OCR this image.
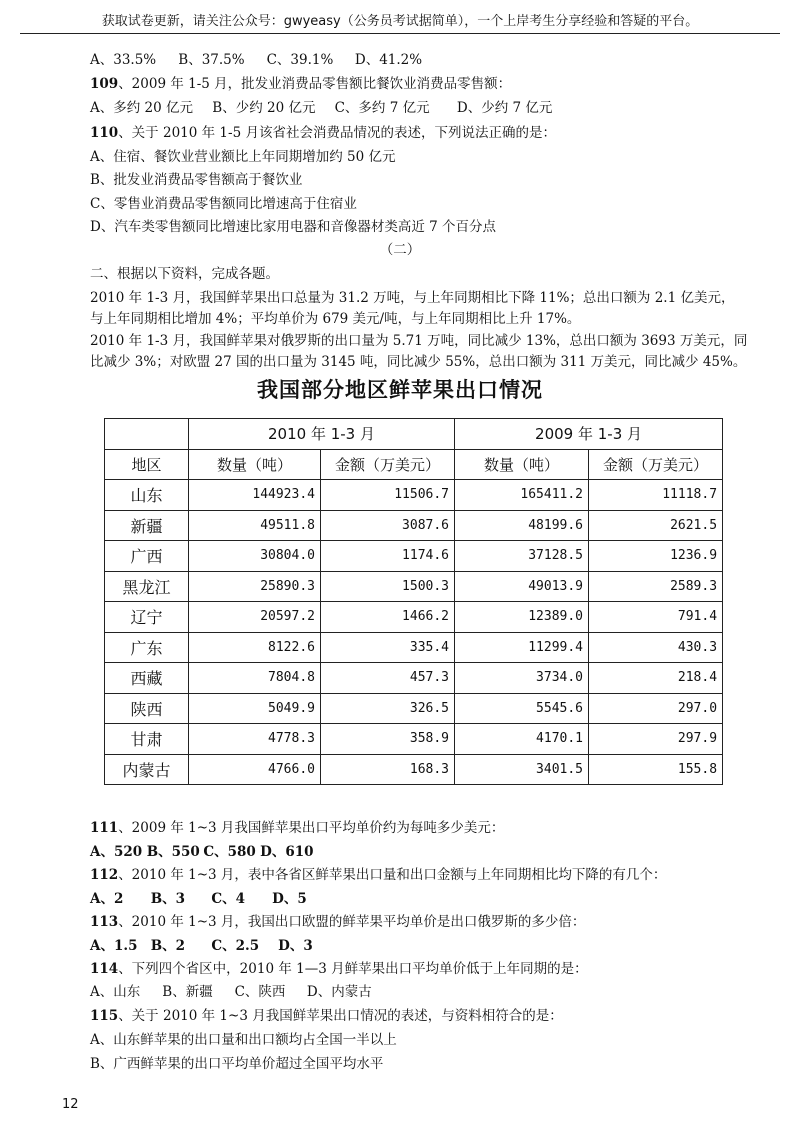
获取试卷更新，请关注公众号：gwyeasy（公务员考试据简单），一个上岸考生分享经验和答疑的平台。
A、33.5% B、37.5% C、39.1% D、41.2%
109、2009 年 1-5 月，批发业消费品零售额比餐饮业消费品零售额：
A、多约 20 亿元 B、少约 20 亿元 C、多约 7 亿元 D、少约 7 亿元
110、关于 2010 年 1-5 月该省社会消费品情况的表述，下列说法正确的是：
A、住宿、餐饮业营业额比上年同期增加约 50 亿元
B、批发业消费品零售额高于餐饮业
C、零售业消费品零售额同比增速高于住宿业
D、汽车类零售额同比增速比家用电器和音像器材类高近 7 个百分点
（二）
二、根据以下资料，完成各题。
2010 年 1-3 月，我国鲜苹果出口总量为 31.2 万吨，与上年同期相比下降 11%；总出口额为 2.1 亿美元，
与上年同期相比增加 4%；平均单价为 679 美元/吨，与上年同期相比上升 17%。
2010 年 1-3 月，我国鲜苹果对俄罗斯的出口量为 5.71 万吨，同比减少 13%，总出口额为 3693 万美元，同
比减少 3%；对欧盟 27 国的出口量为 3145 吨，同比减少 55%，总出口额为 311 万美元，同比减少 45%。
我国部分地区鲜苹果出口情况
	2010 年 1-3 月		2009 年 1-3 月	
地区	数量（吨）	金额（万美元）	数量（吨）	金额（万美元）
山东	144923.4	11506.7	165411.2	11118.7
新疆	49511.8	3087.6	48199.6	2621.5
广西	30804.0	1174.6	37128.5	1236.9
黑龙江	25890.3	1500.3	49013.9	2589.3
辽宁	20597.2	1466.2	12389.0	791.4
广东	8122.6	335.4	11299.4	430.3
西藏	7804.8	457.3	3734.0	218.4
陕西	5049.9	326.5	5545.6	297.0
甘肃	4778.3	358.9	4170.1	297.9
内蒙古	4766.0	168.3	3401.5	155.8
111、2009 年 1~3 月我国鲜苹果出口平均单价约为每吨多少美元：
A、520 B、550 C、580 D、610
112、2010 年 1~3 月，表中各省区鲜苹果出口量和出口金额与上年同期相比均下降的有几个：
A、2 B、3 C、4 D、5
113、2010 年 1~3 月，我国出口欧盟的鲜苹果平均单价是出口俄罗斯的多少倍：
A、1.5 B、2 C、2.5 D、3
114、下列四个省区中，2010 年 1—3 月鲜苹果出口平均单价低于上年同期的是：
A、山东 B、新疆 C、陕西 D、内蒙古
115、关于 2010 年 1~3 月我国鲜苹果出口情况的表述，与资料相符合的是：
A、山东鲜苹果的出口量和出口额均占全国一半以上
B、广西鲜苹果的出口平均单价超过全国平均水平
12
